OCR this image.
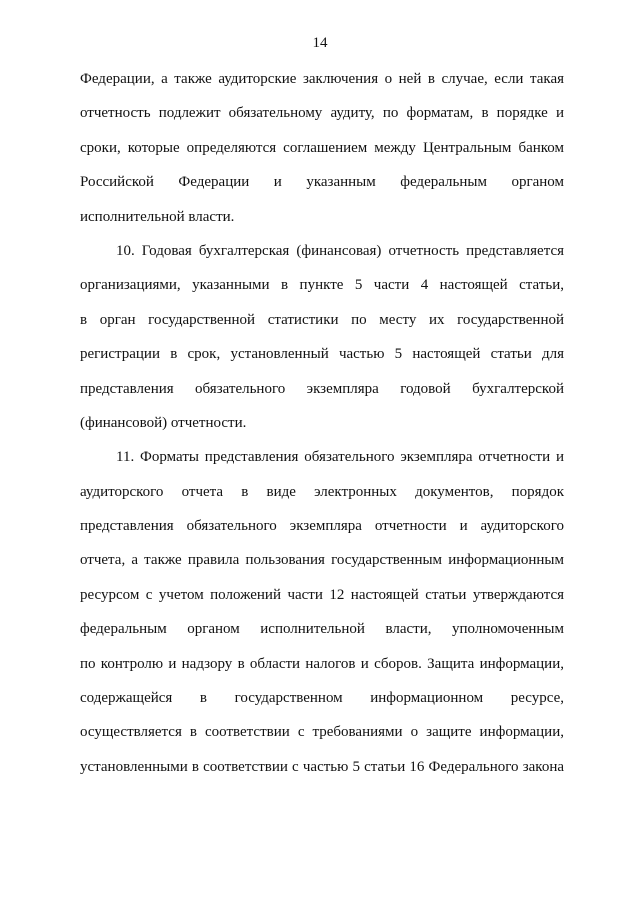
14
Федерации, а также аудиторские заключения о ней в случае, если такая
отчетность подлежит обязательному аудиту, по форматам, в порядке и
сроки, которые определяются соглашением между Центральным банком
Российской Федерации и указанным федеральным органом
исполнительной власти.
10. Годовая бухгалтерская (финансовая) отчетность представляется
организациями, указанными в пункте 5 части 4 настоящей статьи,
в орган государственной статистики по месту их государственной
регистрации в срок, установленный частью 5 настоящей статьи для
представления обязательного экземпляра годовой бухгалтерской
(финансовой) отчетности.
11. Форматы представления обязательного экземпляра отчетности и
аудиторского отчета в виде электронных документов, порядок
представления обязательного экземпляра отчетности и аудиторского
отчета, а также правила пользования государственным информационным
ресурсом с учетом положений части 12 настоящей статьи утверждаются
федеральным органом исполнительной власти, уполномоченным
по контролю и надзору в области налогов и сборов. Защита информации,
содержащейся в государственном информационном ресурсе,
осуществляется в соответствии с требованиями о защите информации,
установленными в соответствии с частью 5 статьи 16 Федерального закона
